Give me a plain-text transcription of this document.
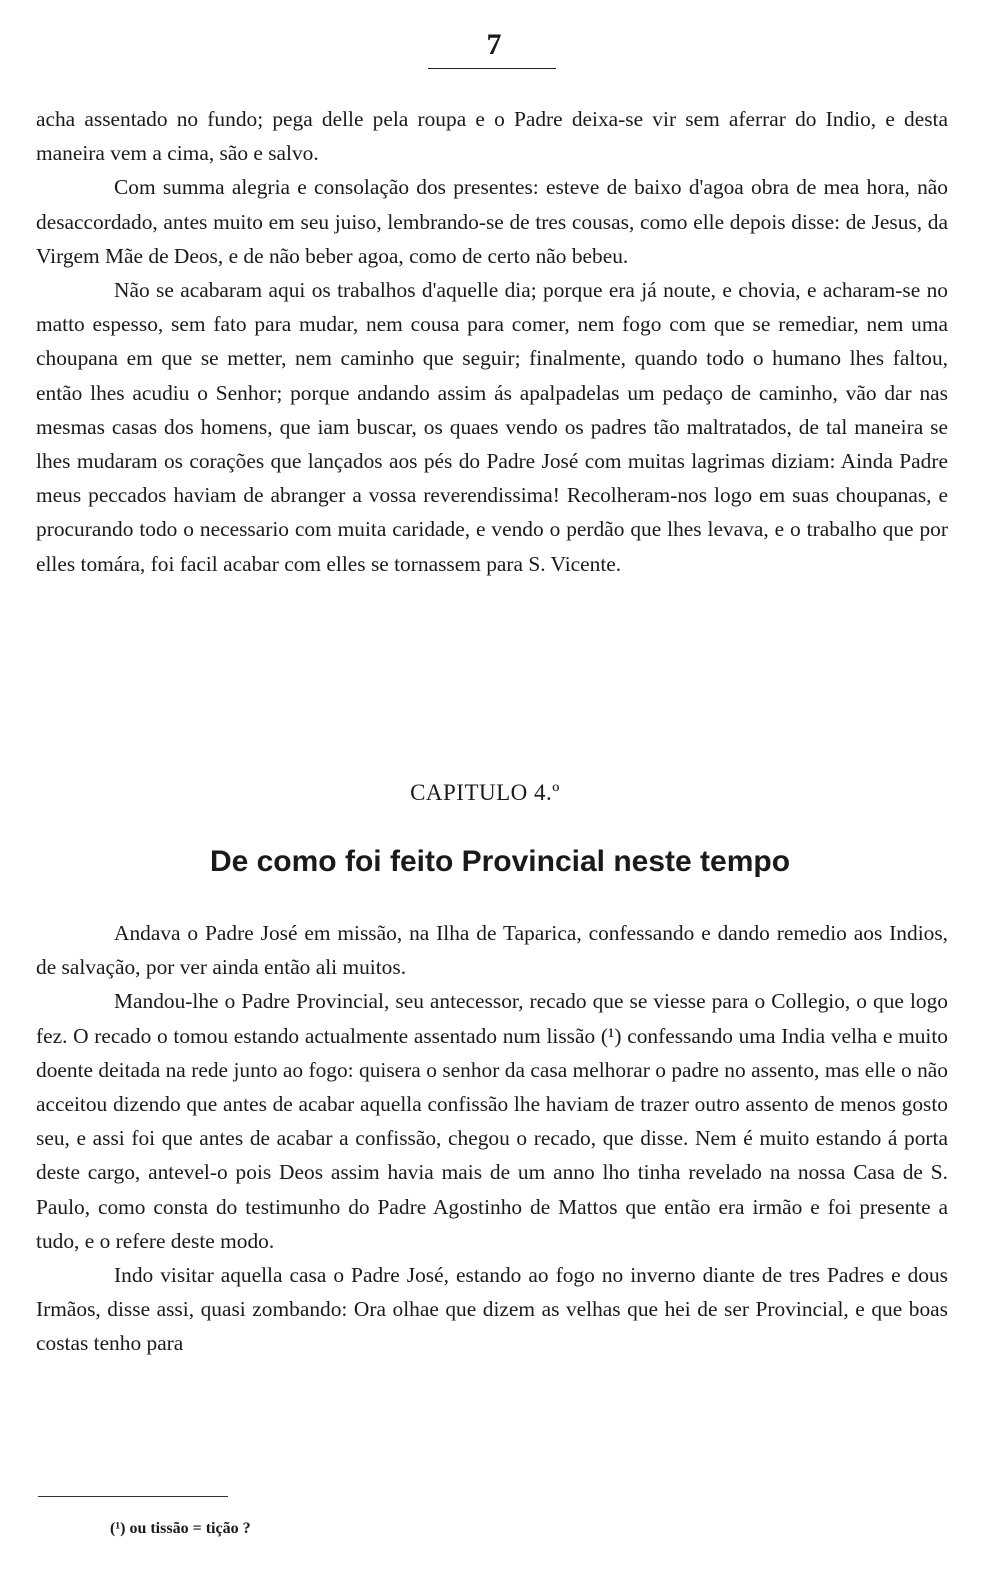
7

acha assentado no fundo; pega delle pela roupa e o Padre deixa-se vir sem aferrar do Indio, e desta maneira vem a cima, são e salvo.

Com summa alegria e consolação dos presentes: esteve de baixo d'agoa obra de mea hora, não desaccordado, antes muito em seu juiso, lembrando-se de tres cousas, como elle depois disse: de Jesus, da Virgem Mãe de Deos, e de não beber agoa, como de certo não bebeu.

Não se acabaram aqui os trabalhos d'aquelle dia; porque era já noute, e chovia, e acharam-se no matto espesso, sem fato para mudar, nem cousa para comer, nem fogo com que se remediar, nem uma choupana em que se metter, nem caminho que seguir; finalmente, quando todo o humano lhes faltou, então lhes acudiu o Senhor; porque andando assim ás apalpadelas um pedaço de caminho, vão dar nas mesmas casas dos homens, que iam buscar, os quaes vendo os padres tão maltratados, de tal maneira se lhes mudaram os corações que lançados aos pés do Padre José com muitas lagrimas diziam: Ainda Padre meus peccados haviam de abranger a vossa reverendissima! Recolheram-nos logo em suas choupanas, e procurando todo o necessario com muita caridade, e vendo o perdão que lhes levava, e o trabalho que por elles tomára, foi facil acabar com elles se tornassem para S. Vicente.

CAPITULO 4.º
De como foi feito Provincial neste tempo

Andava o Padre José em missão, na Ilha de Taparica, confessando e dando remedio aos Indios, de salvação, por ver ainda então ali muitos.

Mandou-lhe o Padre Provincial, seu antecessor, recado que se viesse para o Collegio, o que logo fez. O recado o tomou estando actualmente assentado num lissão (¹) confessando uma India velha e muito doente deitada na rede junto ao fogo: quisera o senhor da casa melhorar o padre no assento, mas elle o não acceitou dizendo que antes de acabar aquella confissão lhe haviam de trazer outro assento de menos gosto seu, e assi foi que antes de acabar a confissão, chegou o recado, que disse. Nem é muito estando á porta deste cargo, antevel-o pois Deos assim havia mais de um anno lho tinha revelado na nossa Casa de S. Paulo, como consta do testimunho do Padre Agostinho de Mattos que então era irmão e foi presente a tudo, e o refere deste modo.

Indo visitar aquella casa o Padre José, estando ao fogo no inverno diante de tres Padres e dous Irmãos, disse assi, quasi zombando: Ora olhae que dizem as velhas que hei de ser Provincial, e que boas costas tenho para

(¹) ou tissão = tição ?
